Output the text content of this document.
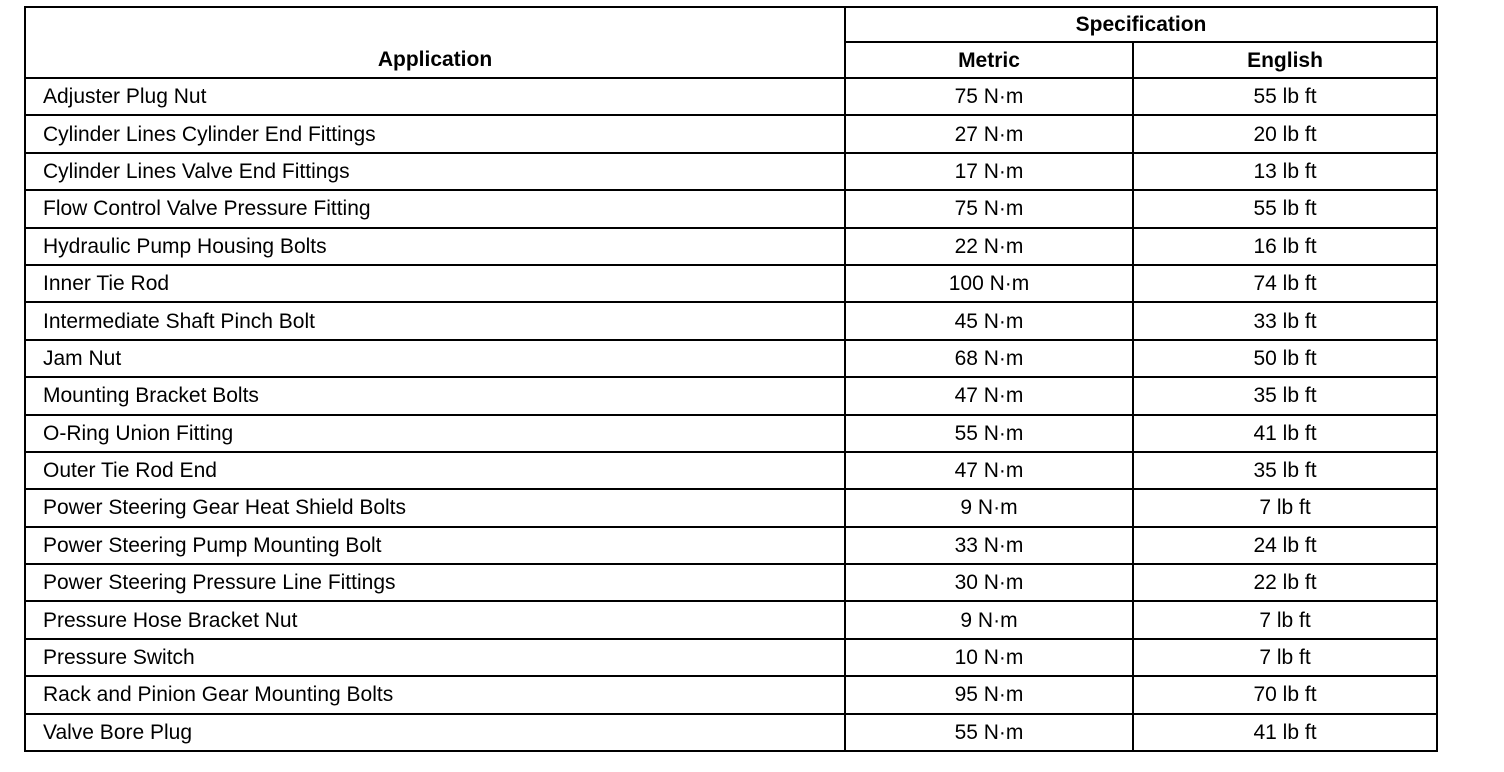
Application	Specification	
	Metric	English
Adjuster Plug Nut	75 N·m	55 lb ft
Cylinder Lines Cylinder End Fittings	27 N·m	20 lb ft
Cylinder Lines Valve End Fittings	17 N·m	13 lb ft
Flow Control Valve Pressure Fitting	75 N·m	55 lb ft
Hydraulic Pump Housing Bolts	22 N·m	16 lb ft
Inner Tie Rod	100 N·m	74 lb ft
Intermediate Shaft Pinch Bolt	45 N·m	33 lb ft
Jam Nut	68 N·m	50 lb ft
Mounting Bracket Bolts	47 N·m	35 lb ft
O-Ring Union Fitting	55 N·m	41 lb ft
Outer Tie Rod End	47 N·m	35 lb ft
Power Steering Gear Heat Shield Bolts	9 N·m	7 lb ft
Power Steering Pump Mounting Bolt	33 N·m	24 lb ft
Power Steering Pressure Line Fittings	30 N·m	22 lb ft
Pressure Hose Bracket Nut	9 N·m	7 lb ft
Pressure Switch	10 N·m	7 lb ft
Rack and Pinion Gear Mounting Bolts	95 N·m	70 lb ft
Valve Bore Plug	55 N·m	41 lb ft
